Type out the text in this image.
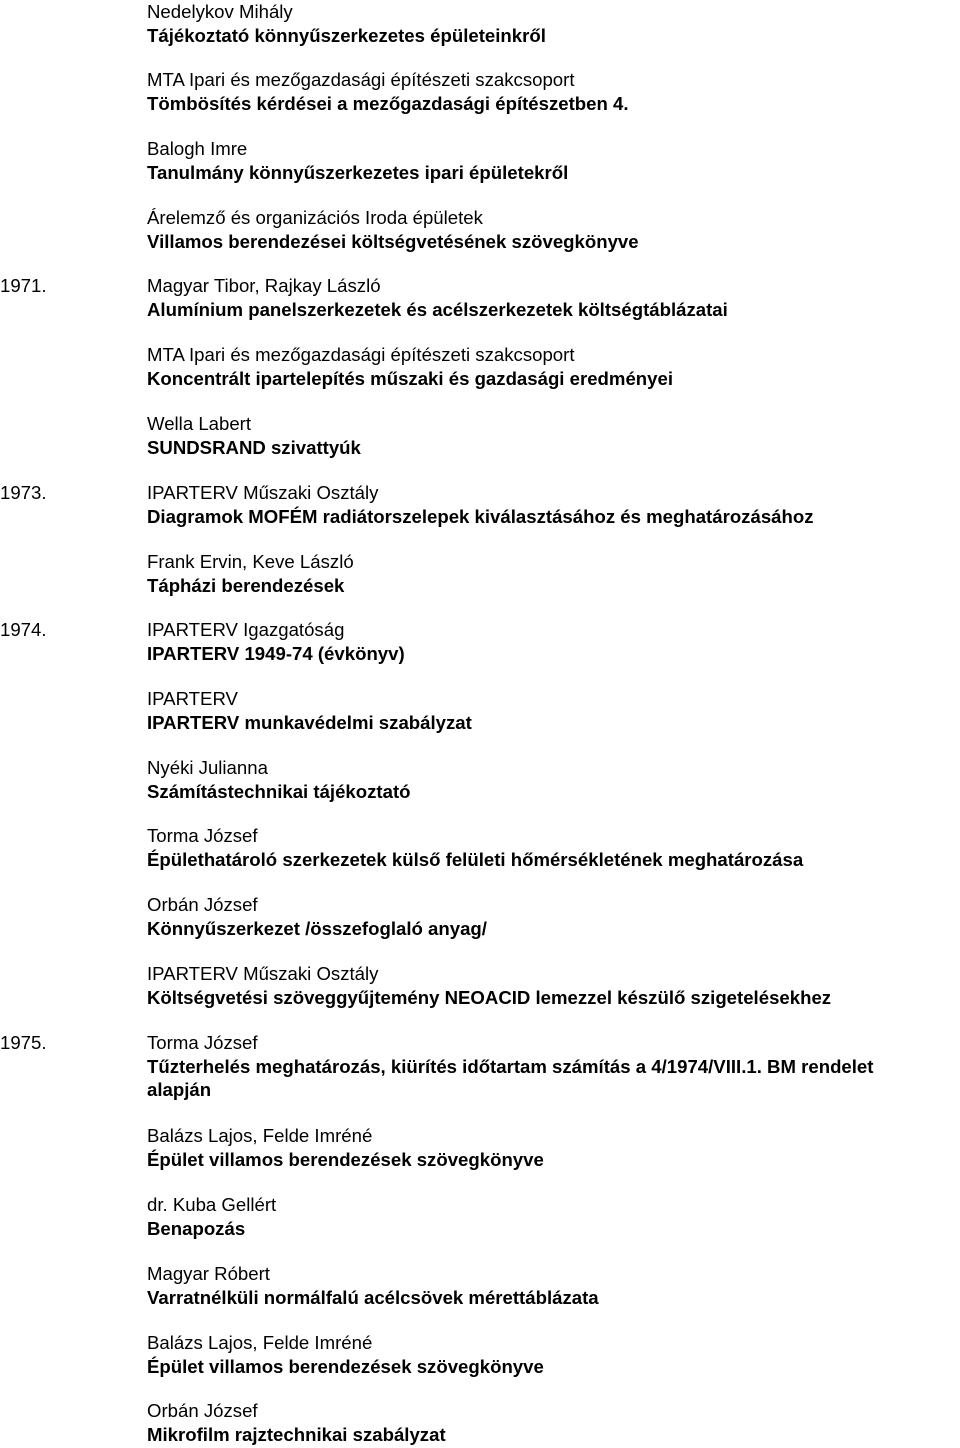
Nedelykov Mihály
Tájékoztató könnyűszerkezetes épületeinkről
MTA Ipari és mezőgazdasági építészeti szakcsoport
Tömbösítés kérdései a mezőgazdasági építészetben 4.
Balogh Imre
Tanulmány könnyűszerkezetes ipari épületekről
Árelemző és organizációs Iroda épületek
Villamos berendezései költségvetésének szövegkönyve
1971.	Magyar Tibor, Rajkay László
Alumínium panelszerkezetek és acélszerkezetek költségtáblázatai
MTA Ipari és mezőgazdasági építészeti szakcsoport
Koncentrált ipartelepítés műszaki és gazdasági eredményei
Wella Labert
SUNDSRAND szivattyúk
1973.	IPARTERV Műszaki Osztály
Diagramok MOFÉM radiátorszelepek kiválasztásához és meghatározásához
Frank Ervin, Keve László
Tápházi berendezések
1974.	IPARTERV Igazgatóság
IPARTERV 1949-74 (évkönyv)
IPARTERV
IPARTERV munkavédelmi szabályzat
Nyéki Julianna
Számítástechnikai tájékoztató
Torma József
Épülethatároló szerkezetek külső felületi hőmérsékletének meghatározása
Orbán József
Könnyűszerkezet /összefoglaló anyag/
IPARTERV Műszaki Osztály
Költségvetési szöveggyűjtemény NEOACID lemezzel készülő szigetelésekhez
1975.	Torma József
Tűzterhelés meghatározás, kiürítés időtartam számítás a 4/1974/VIII.1. BM rendelet
alapján
Balázs Lajos, Felde Imréné
Épület villamos berendezések szövegkönyve
dr. Kuba Gellért
Benapozás
Magyar Róbert
Varratnélküli normálfalú acélcsövek mérettáblázata
Balázs Lajos, Felde Imréné
Épület villamos berendezések szövegkönyve
Orbán József
Mikrofilm rajztechnikai szabályzat
